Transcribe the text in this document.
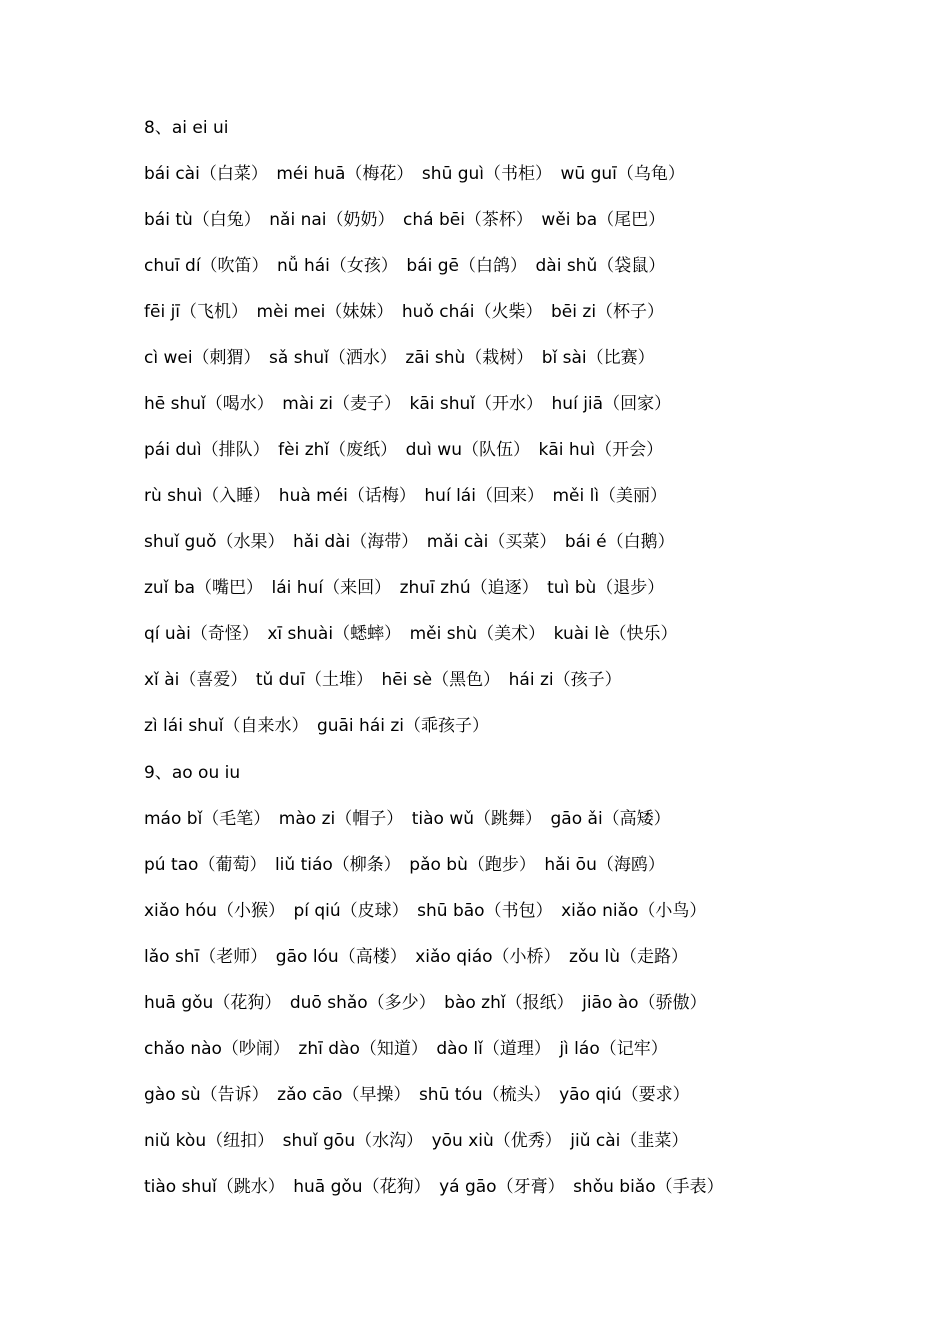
8、ai ei ui
bái cài（白菜）　méi huā（梅花）　shū guì（书柜）　wū guī（乌龟）
bái tù（白兔）　nǎi nai（奶奶）　chá bēi（茶杯）　wěi ba（尾巴）
chuī dí（吹笛）　nǚ hái（女孩）　bái gē（白鸽）　dài shǔ（袋鼠）
fēi jī（飞机）　mèi mei（妹妹）　huǒ chái（火柴）　bēi zi（杯子）
cì wei（刺猬）　sǎ shuǐ（洒水）　zāi shù（栽树）　bǐ sài（比赛）
hē shuǐ（喝水）　mài zi（麦子）　kāi shuǐ（开水）　huí jiā（回家）
pái duì（排队）　fèi zhǐ（废纸）　duì wu（队伍）　kāi huì（开会）
rù shuì（入睡）　huà méi（话梅）　huí lái（回来）　měi lì（美丽）
shuǐ guǒ（水果）　hǎi dài（海带）　mǎi cài（买菜）　bái é（白鹅）
zuǐ ba（嘴巴）　lái huí（来回）　zhuī zhú（追逐）　tuì bù（退步）
qí uài（奇怪）　xī shuài（蟋蟀）　měi shù（美术）　kuài lè（快乐）
xǐ ài（喜爱）　tǔ duī（土堆）　hēi sè（黑色）　hái zi（孩子）
zì lái shuǐ（自来水）　guāi hái zi（乖孩子）
9、ao ou iu
máo bǐ（毛笔）　mào zi（帽子）　tiào wǔ（跳舞）　gāo ǎi（高矮）
pú tao（葡萄）　liǔ tiáo（柳条）　pǎo bù（跑步）　hǎi ōu（海鸥）
xiǎo hóu（小猴）　pí qiú（皮球）　shū bāo（书包）　xiǎo niǎo（小鸟）
lǎo shī（老师）　gāo lóu（高楼）　xiǎo qiáo（小桥）　zǒu lù（走路）
huā gǒu（花狗）　duō shǎo（多少）　bào zhǐ（报纸）　jiāo ào（骄傲）
chǎo nào（吵闹）　zhī dào（知道）　dào lǐ（道理）　jì láo（记牢）
gào sù（告诉）　zǎo cāo（早操）　shū tóu（梳头）　yāo qiú（要求）
niǔ kòu（纽扣）　shuǐ gōu（水沟）　yōu xiù（优秀）　jiǔ cài（韭菜）
tiào shuǐ（跳水）　huā gǒu（花狗）　yá gāo（牙膏）　shǒu biǎo（手表）
